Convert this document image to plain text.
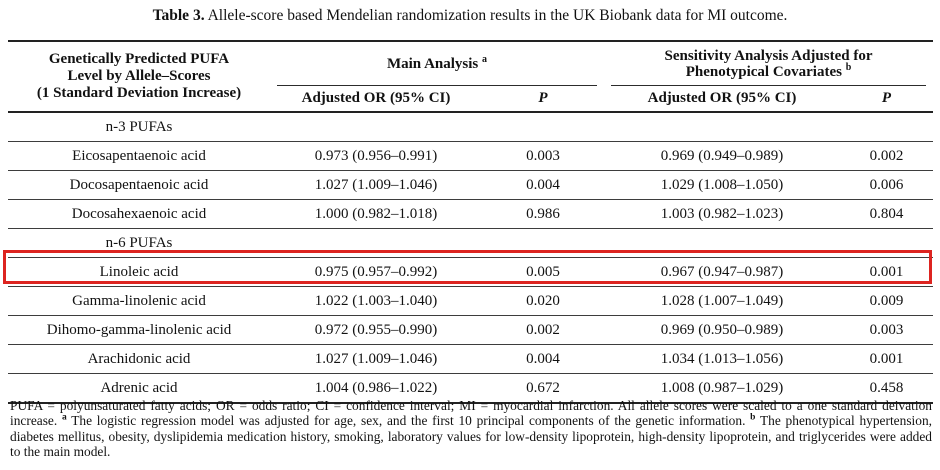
Table 3. Allele-score based Mendelian randomization results in the UK Biobank data for MI outcome.
Genetically Predicted PUFA
Level by Allele–Scores
(1 Standard Deviation Increase)
	Main Analysis $^a$	Sensitivity Analysis Adjusted for
Phenotypical Covariates $^b$

	Adjusted OR (95% CI)	P	Adjusted OR (95% CI)	P
n-3 PUFAs				
Eicosapentaenoic acid	0.973 (0.956–0.991)	0.003	0.969 (0.949–0.989)	0.002
Docosapentaenoic acid	1.027 (1.009–1.046)	0.004	1.029 (1.008–1.050)	0.006
Docosahexaenoic acid	1.000 (0.982–1.018)	0.986	1.003 (0.982–1.023)	0.804
n-6 PUFAs				
Linoleic acid	0.975 (0.957–0.992)	0.005	0.967 (0.947–0.987)	0.001
Gamma-linolenic acid	1.022 (1.003–1.040)	0.020	1.028 (1.007–1.049)	0.009
Dihomo-gamma-linolenic acid	0.972 (0.955–0.990)	0.002	0.969 (0.950–0.989)	0.003
Arachidonic acid	1.027 (1.009–1.046)	0.004	1.034 (1.013–1.056)	0.001
Adrenic acid	1.004 (0.986–1.022)	0.672	1.008 (0.987–1.029)	0.458
PUFA = polyunsaturated fatty acids; OR = odds ratio; CI = confidence interval; MI = myocardial infarction. All allele scores were scaled to a one standard deivation increase. $^a$ The logistic regression model was adjusted for age, sex, and the first 10 principal components of the genetic information. $^b$ The phenotypical hypertension, diabetes mellitus, obesity, dyslipidemia medication history, smoking, laboratory values for low-density lipoprotein, high-density lipoprotein, and triglycerides were added to the main model.
